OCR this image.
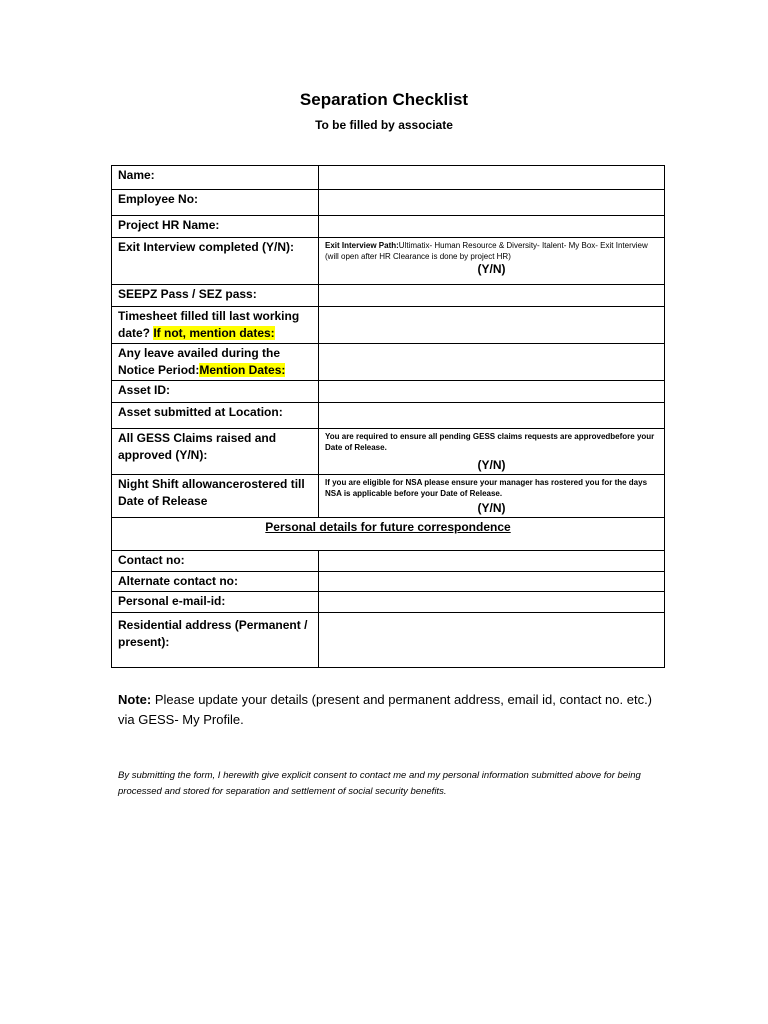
Separation Checklist
To be filled by associate
Name:	
Employee No:	
Project HR Name:	
Exit Interview completed (Y/N):	Exit Interview Path:Ultimatix- Human Resource & Diversity- Italent- My Box- Exit Interview (will open after HR Clearance is done by project HR)
(Y/N)

SEEPZ Pass / SEZ pass:	
Timesheet filled till last working date? If not, mention dates:	
Any leave availed during the Notice Period:Mention Dates:	
Asset ID:	
Asset submitted at Location:	
All GESS Claims raised and approved (Y/N):	You are required to ensure all pending GESS claims requests are approvedbefore your Date of Release.
(Y/N)

Night Shift allowancerostered till Date of Release	If you are eligible for NSA please ensure your manager has rostered you for the days NSA is applicable before your Date of Release.
(Y/N)

Personal details for future correspondence	
Contact no:	
Alternate contact no:	
Personal e-mail-id:	
Residential address (Permanent / present):	
Note: Please update your details (present and permanent address, email id, contact no. etc.) via GESS- My Profile.
By submitting the form, I herewith give explicit consent to contact me and my personal information submitted above for being processed and stored for separation and settlement of social security benefits.
